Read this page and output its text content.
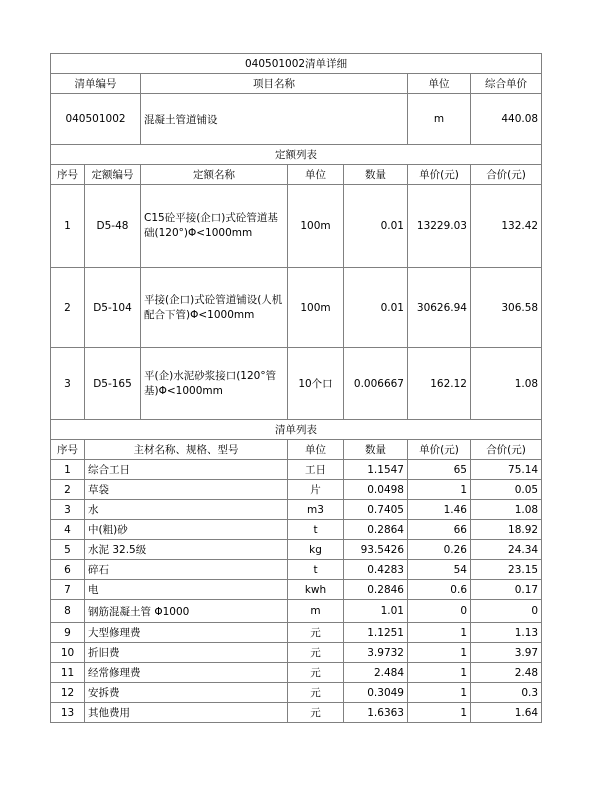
040501002清单详细						
清单编号		项目名称			单位	综合单价
040501002		混凝土管道铺设			m	440.08
定额列表						
序号	定额编号	定额名称	单位	数量	单价(元)	合价(元)
1	D5-48	C15砼平接(企口)式砼管道基础(120°)Φ<1000mm	100m	0.01	13229.03	132.42
2	D5-104	平接(企口)式砼管道铺设(人机配合下管)Φ<1000mm	100m	0.01	30626.94	306.58
3	D5-165	平(企)水泥砂浆接口(120°管基)Φ<1000mm	10个口	0.006667	162.12	1.08
清单列表						
序号	主材名称、规格、型号		单位	数量	单价(元)	合价(元)
1	综合工日		工日	1.1547	65	75.14
2	草袋		片	0.0498	1	0.05
3	水		m3	0.7405	1.46	1.08
4	中(粗)砂		t	0.2864	66	18.92
5	水泥 32.5级		kg	93.5426	0.26	24.34
6	碎石		t	0.4283	54	23.15
7	电		kwh	0.2846	0.6	0.17
8	钢筋混凝土管 Φ1000		m	1.01	0	0
9	大型修理费		元	1.1251	1	1.13
10	折旧费		元	3.9732	1	3.97
11	经常修理费		元	2.484	1	2.48
12	安拆费		元	0.3049	1	0.3
13	其他费用		元	1.6363	1	1.64
